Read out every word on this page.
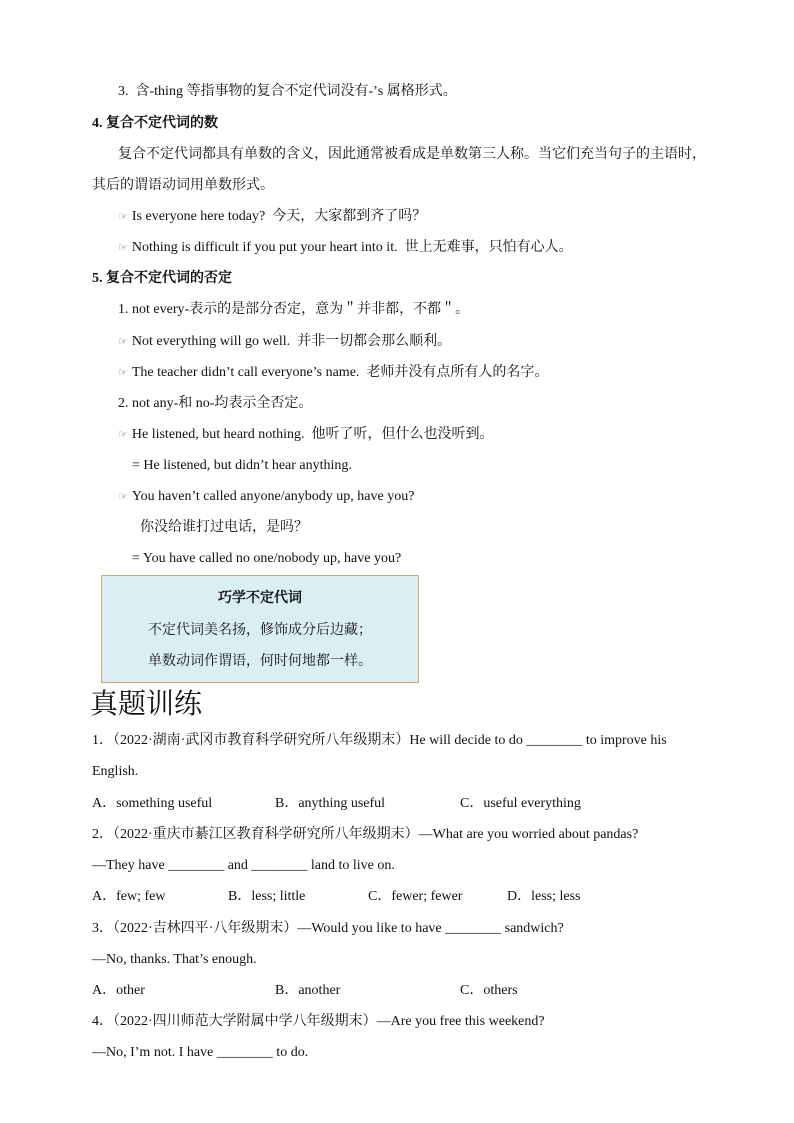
3.  含-thing 等指事物的复合不定代词没有-’s 属格形式。
4. 复合不定代词的数
复合不定代词都具有单数的含义，因此通常被看成是单数第三人称。当它们充当句子的主语时，
其后的谓语动词用单数形式。
☞ Is everyone here today?  今天，大家都到齐了吗？
☞ Nothing is difficult if you put your heart into it.  世上无难事，只怕有心人。
5. 复合不定代词的否定
1. not every-表示的是部分否定，意为＂并非都，不都＂。
☞ Not everything will go well.  并非一切都会那么顺利。
☞ The teacher didn’t call everyone’s name.  老师并没有点所有人的名字。
2. not any-和 no-均表示全否定。
☞ He listened, but heard nothing.  他听了听，但什么也没听到。
= He listened, but didn’t hear anything.
☞ You haven’t called anyone/anybody up, have you?
你没给谁打过电话，是吗？
= You have called no one/nobody up, have you?
巧学不定代词
不定代词美名扬，修饰成分后边藏；
单数动词作谓语，何时何地都一样。
真题训练
1．（2022·湖南·武冈市教育科学研究所八年级期末）He will decide to do ________ to improve his
English.
A．something useful	B．anything useful	C．useful everything
2．（2022·重庆市綦江区教育科学研究所八年级期末）—What are you worried about pandas?
—They have ________ and ________ land to live on.
A．few; few	B．less; little	C．fewer; fewer	D．less; less
3．（2022·吉林四平·八年级期末）—Would you like to have ________ sandwich?
—No, thanks. That’s enough.
A．other	B．another	C．others
4．（2022·四川师范大学附属中学八年级期末）—Are you free this weekend?
—No, I’m not. I have ________ to do.
